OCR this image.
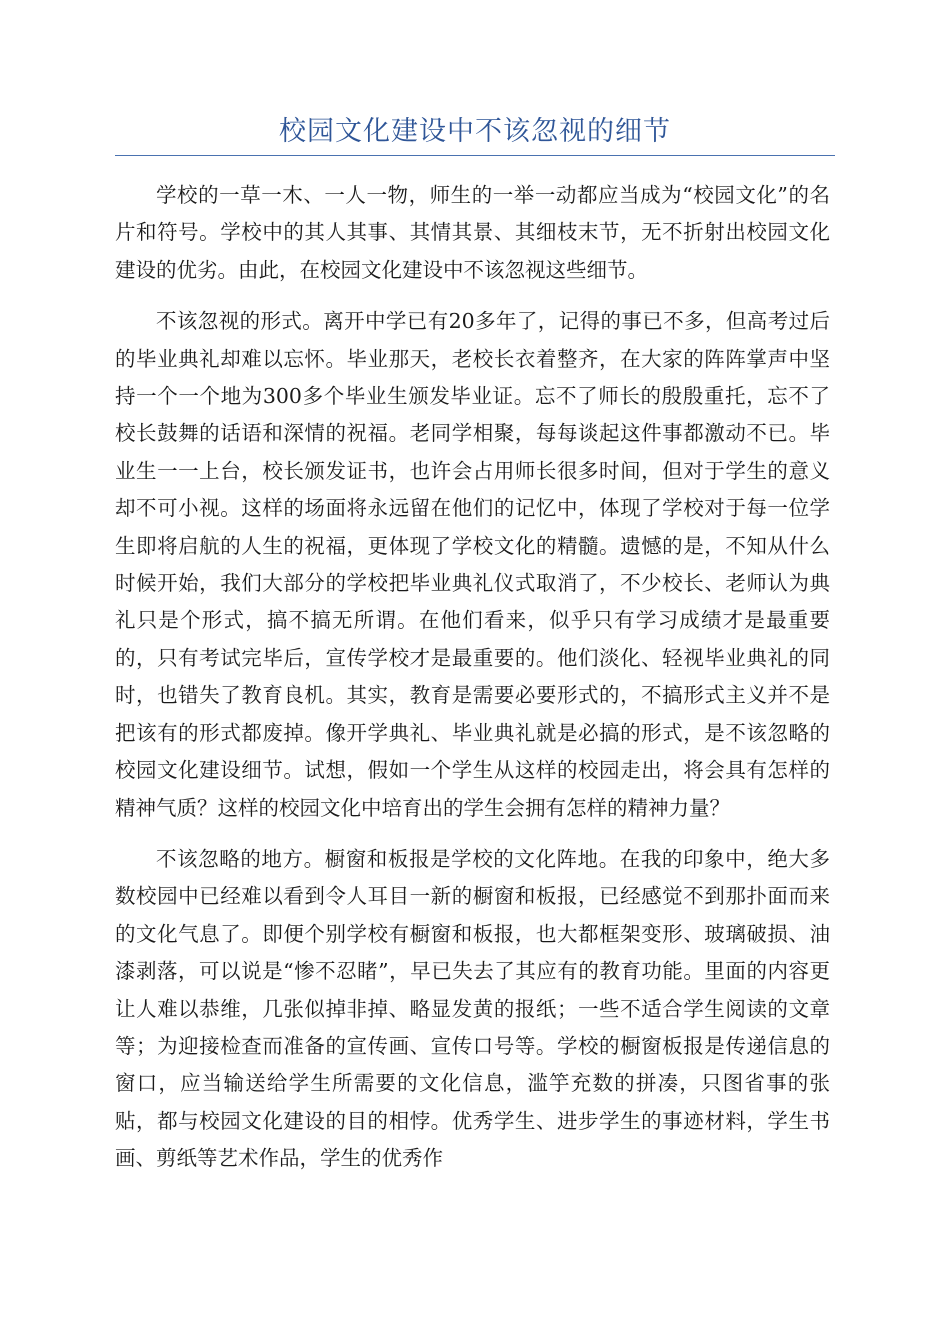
校园文化建设中不该忽视的细节

学校的一草一木、一人一物，师生的一举一动都应当成为“校园文化”的名片和符号。学校中的其人其事、其情其景、其细枝末节，无不折射出校园文化建设的优劣。由此，在校园文化建设中不该忽视这些细节。

不该忽视的形式。离开中学已有20多年了，记得的事已不多，但高考过后的毕业典礼却难以忘怀。毕业那天，老校长衣着整齐，在大家的阵阵掌声中坚持一个一个地为300多个毕业生颁发毕业证。忘不了师长的殷殷重托，忘不了校长鼓舞的话语和深情的祝福。老同学相聚，每每谈起这件事都激动不已。毕业生一一上台，校长颁发证书，也许会占用师长很多时间，但对于学生的意义却不可小视。这样的场面将永远留在他们的记忆中，体现了学校对于每一位学生即将启航的人生的祝福，更体现了学校文化的精髓。遗憾的是，不知从什么时候开始，我们大部分的学校把毕业典礼仪式取消了，不少校长、老师认为典礼只是个形式，搞不搞无所谓。在他们看来，似乎只有学习成绩才是最重要的，只有考试完毕后，宣传学校才是最重要的。他们淡化、轻视毕业典礼的同时，也错失了教育良机。其实，教育是需要必要形式的，不搞形式主义并不是把该有的形式都废掉。像开学典礼、毕业典礼就是必搞的形式，是不该忽略的校园文化建设细节。试想，假如一个学生从这样的校园走出，将会具有怎样的精神气质？这样的校园文化中培育出的学生会拥有怎样的精神力量？

不该忽略的地方。橱窗和板报是学校的文化阵地。在我的印象中，绝大多数校园中已经难以看到令人耳目一新的橱窗和板报，已经感觉不到那扑面而来的文化气息了。即便个别学校有橱窗和板报，也大都框架变形、玻璃破损、油漆剥落，可以说是“惨不忍睹”，早已失去了其应有的教育功能。里面的内容更让人难以恭维，几张似掉非掉、略显发黄的报纸；一些不适合学生阅读的文章等；为迎接检查而准备的宣传画、宣传口号等。学校的橱窗板报是传递信息的窗口，应当输送给学生所需要的文化信息，滥竽充数的拼凑，只图省事的张贴，都与校园文化建设的目的相悖。优秀学生、进步学生的事迹材料，学生书画、剪纸等艺术作品，学生的优秀作
